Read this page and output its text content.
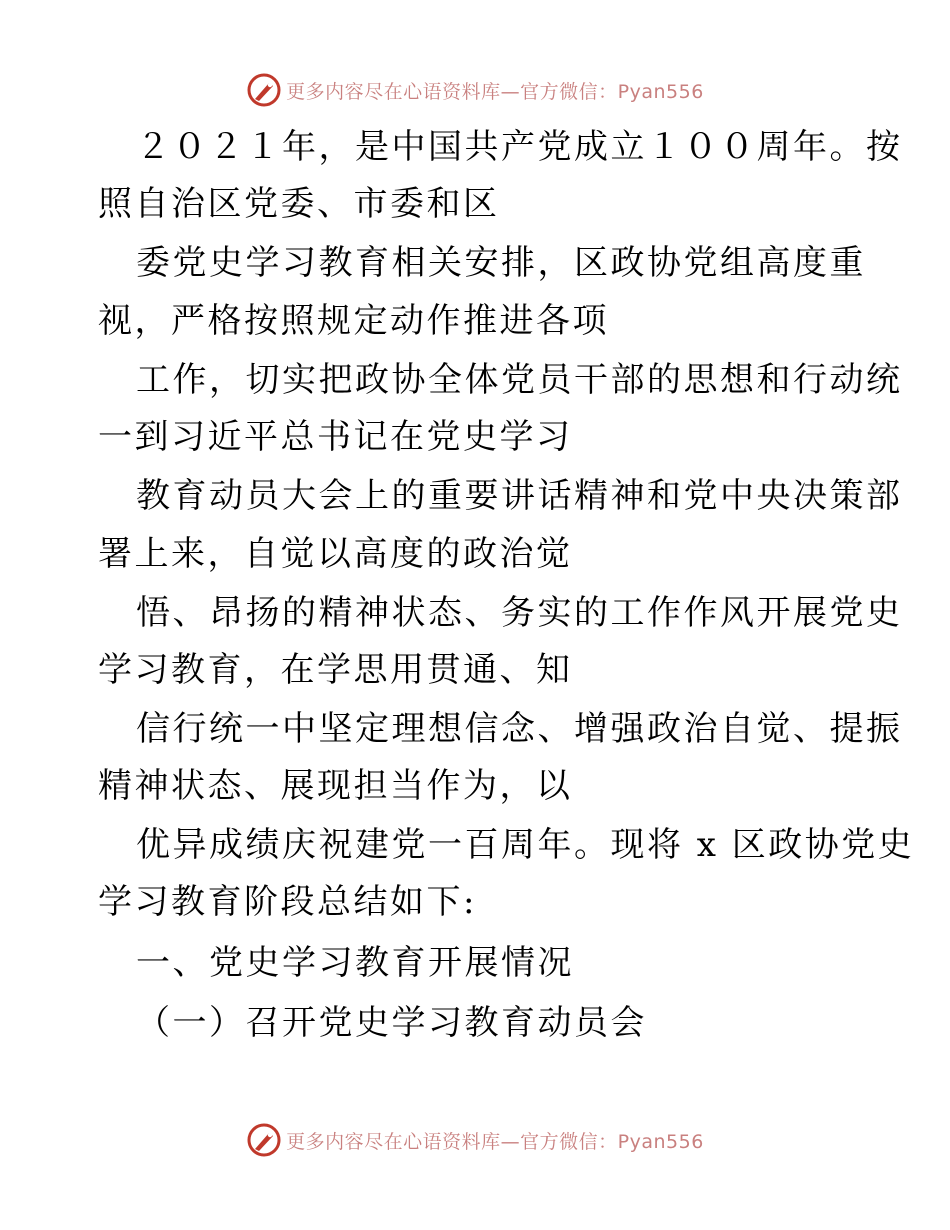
更多内容尽在心语资料库—官方微信：Pyan556
２０２１年，是中国共产党成立１００周年。按
照自治区党委、市委和区
委党史学习教育相关安排，区政协党组高度重
视，严格按照规定动作推进各项
工作，切实把政协全体党员干部的思想和行动统
一到习近平总书记在党史学习
教育动员大会上的重要讲话精神和党中央决策部
署上来，自觉以高度的政治觉
悟、昂扬的精神状态、务实的工作作风开展党史
学习教育，在学思用贯通、知
信行统一中坚定理想信念、增强政治自觉、提振
精神状态、展现担当作为，以
优异成绩庆祝建党一百周年。现将 x 区政协党史
学习教育阶段总结如下:
一、党史学习教育开展情况
（一）召开党史学习教育动员会
更多内容尽在心语资料库—官方微信：Pyan556
